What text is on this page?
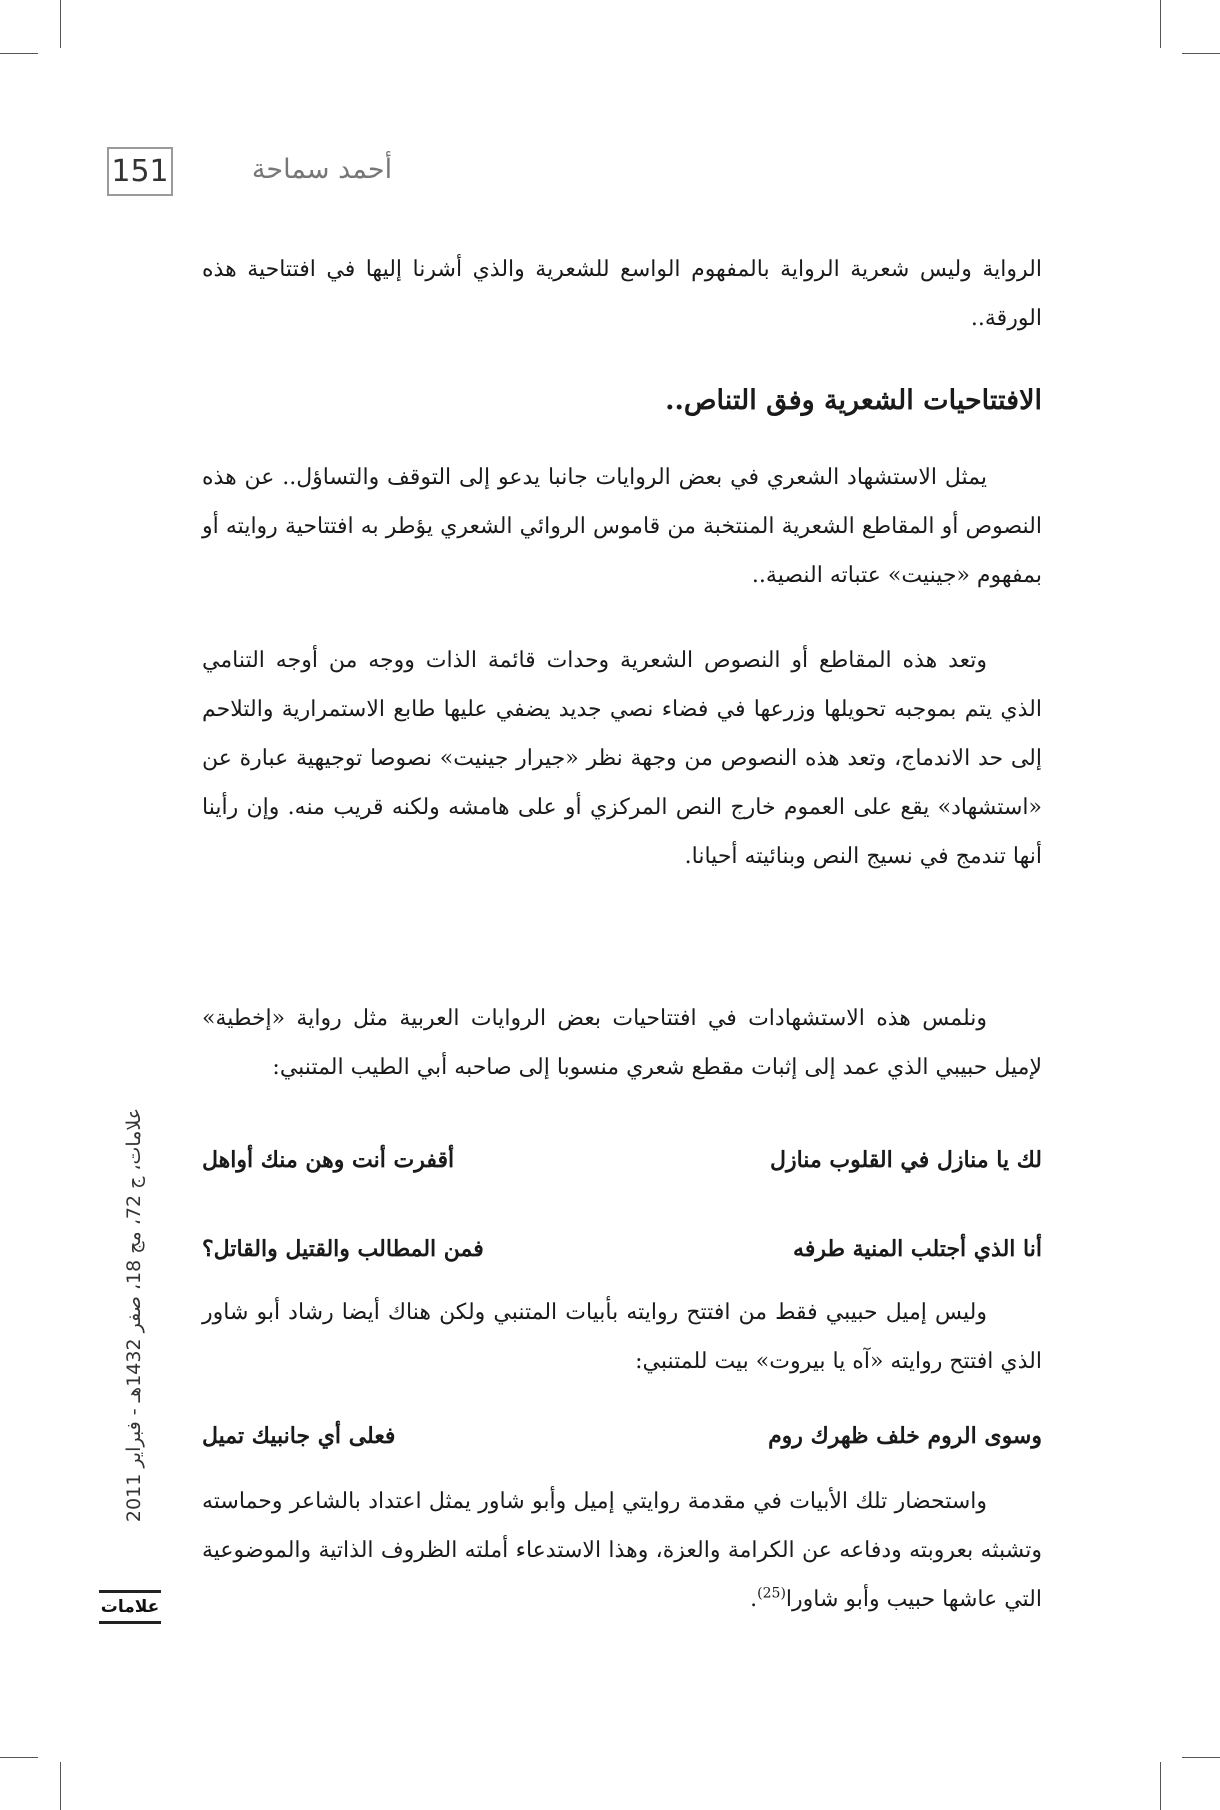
151	أحمد سماحة
الرواية وليس شعرية الرواية بالمفهوم الواسع للشعرية والذي أشرنا إليها في افتتاحية هذه الورقة..
الافتتاحيات الشعرية وفق التناص..
يمثل الاستشهاد الشعري في بعض الروايات جانبا يدعو إلى التوقف والتساؤل.. عن هذه النصوص أو المقاطع الشعرية المنتخبة من قاموس الروائي الشعري يؤطر به افتتاحية روايته أو بمفهوم «جينيت» عتباته النصية..
وتعد هذه المقاطع أو النصوص الشعرية وحدات قائمة الذات ووجه من أوجه التنامي الذي يتم بموجبه تحويلها وزرعها في فضاء نصي جديد يضفي عليها طابع الاستمرارية والتلاحم إلى حد الاندماج، وتعد هذه النصوص من وجهة نظر «جيرار جينيت» نصوصا توجيهية عبارة عن «استشهاد» يقع على العموم خارج النص المركزي أو على هامشه ولكنه قريب منه. وإن رأينا أنها تندمج في نسيج النص وبنائيته أحيانا.
ونلمس هذه الاستشهادات في افتتاحيات بعض الروايات العربية مثل رواية «إخطية» لإميل حبيبي الذي عمد إلى إثبات مقطع شعري منسوبا إلى صاحبه أبي الطيب المتنبي:
لك يا منازل في القلوب منازل
أقفرت أنت وهن منك أواهل
أنا الذي أجتلب المنية طرفه
فمن المطالب والقتيل والقاتل؟
وليس إميل حبيبي فقط من افتتح روايته بأبيات المتنبي ولكن هناك أيضا رشاد أبو شاور الذي افتتح روايته «آه يا بيروت» بيت للمتنبي:
وسوى الروم خلف ظهرك روم
فعلى أي جانبيك تميل
واستحضار تلك الأبيات في مقدمة روايتي إميل وأبو شاور يمثل اعتداد بالشاعر وحماسته وتشبثه بعروبته ودفاعه عن الكرامة والعزة، وهذا الاستدعاء أملته الظروف الذاتية والموضوعية التي عاشها حبيب وأبو شاورا$^{(25)}$.
علامات، ج 72، مج 18، صفر 1432هـ - فبراير 2011
علامات
